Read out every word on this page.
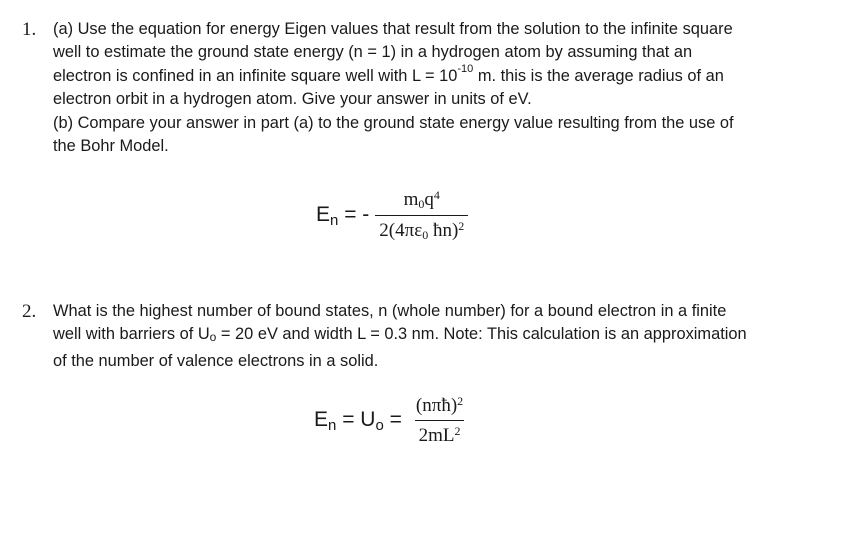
1. (a) Use the equation for energy Eigen values that result from the solution to the infinite square
well to estimate the ground state energy (n = 1) in a hydrogen atom by assuming that an
electron is confined in an infinite square well with $L = 10^{-10}$ m. this is the average radius of an
electron orbit in a hydrogen atom. Give your answer in units of eV.
(b) Compare your answer in part (a) to the ground state energy value resulting from the use of
the Bohr Model.
$E_n$ = - $\frac{m_0q^4}{2(4\pi\varepsilon_0 ħn)^2}$
2. What is the highest number of bound states, n (whole number) for a bound electron in a finite
well with barriers of Uo = 20 eV and width L = 0.3 nm. Note: This calculation is an approximation
of the number of valence electrons in a solid.
$E_n = U_o = \frac{(n\pi ħ)^2}{2mL^2}$
